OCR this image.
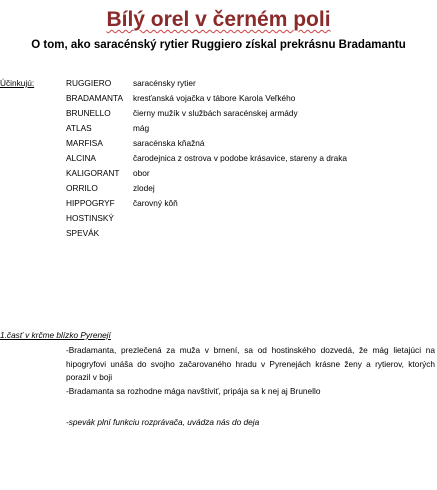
Bílý orel v černém poli
O tom, ako saracénský rytier Ruggiero získal prekrásnu Bradamantu
Účinkujú:	RUGGIERO	saracénsky rytier
BRADAMANTA kresťanská vojačka v tábore Karola Veľkého
BRUNELLO	čierny mužík v službách saracénskej armády
ATLAS	mág
MARFISA	saracénska kňažná
ALCINA	čarodejnica z ostrova v podobe krásavice, stareny a draka
KALIGORANT obor
ORRILO	zlodej
HIPPOGRYF čarovný kôň
HOSTINSKÝ
SPEVÁK
1.časť v krčme blízko Pyrenejí
-Bradamanta, prezlečená za muža v brnení, sa od hostinského dozvedá, že mág lietajúci na hipogryfovi unáša do svojho začarovaného hradu v Pyrenejách krásne ženy a rytierov, ktorých porazil v boji
-Bradamanta sa rozhodne mága navštíviť, pripája sa k nej aj Brunello
-spevák plní funkciu rozprávača, uvádza nás do deja
